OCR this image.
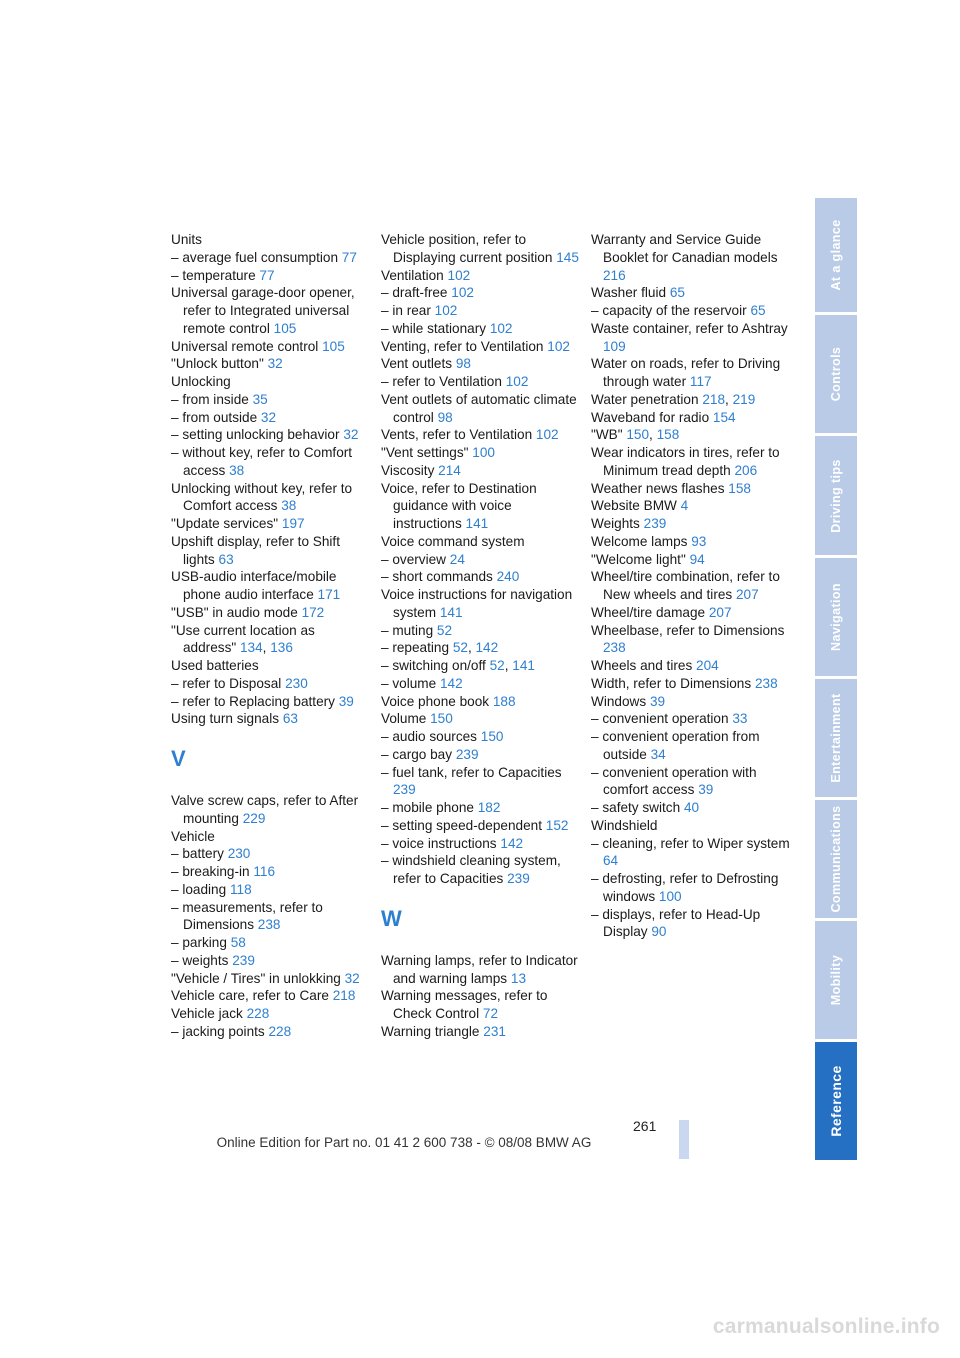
Units
– average fuel consumption 77
– temperature 77
Universal garage-door opener, refer to Integrated universal remote control 105
Universal remote control 105
"Unlock button" 32
Unlocking
– from inside 35
– from outside 32
– setting unlocking behavior 32
– without key, refer to Comfort access 38
Unlocking without key, refer to Comfort access 38
"Update services" 197
Upshift display, refer to Shift lights 63
USB-audio interface/mobile phone audio interface 171
"USB" in audio mode 172
"Use current location as address" 134, 136
Used batteries
– refer to Disposal 230
– refer to Replacing battery 39
Using turn signals 63
V
Valve screw caps, refer to After mounting 229
Vehicle
– battery 230
– breaking-in 116
– loading 118
– measurements, refer to Dimensions 238
– parking 58
– weights 239
"Vehicle / Tires" in unlokking 32
Vehicle care, refer to Care 218
Vehicle jack 228
– jacking points 228
Vehicle position, refer to Displaying current position 145
Ventilation 102
– draft-free 102
– in rear 102
– while stationary 102
Venting, refer to Ventilation 102
Vent outlets 98
– refer to Ventilation 102
Vent outlets of automatic climate control 98
Vents, refer to Ventilation 102
"Vent settings" 100
Viscosity 214
Voice, refer to Destination guidance with voice instructions 141
Voice command system
– overview 24
– short commands 240
Voice instructions for navigation system 141
– muting 52
– repeating 52, 142
– switching on/off 52, 141
– volume 142
Voice phone book 188
Volume 150
– audio sources 150
– cargo bay 239
– fuel tank, refer to Capacities 239
– mobile phone 182
– setting speed-dependent 152
– voice instructions 142
– windshield cleaning system, refer to Capacities 239
W
Warning lamps, refer to Indicator and warning lamps 13
Warning messages, refer to Check Control 72
Warning triangle 231
Warranty and Service Guide Booklet for Canadian models 216
Washer fluid 65
– capacity of the reservoir 65
Waste container, refer to Ashtray 109
Water on roads, refer to Driving through water 117
Water penetration 218, 219
Waveband for radio 154
"WB" 150, 158
Wear indicators in tires, refer to Minimum tread depth 206
Weather news flashes 158
Website BMW 4
Weights 239
Welcome lamps 93
"Welcome light" 94
Wheel/tire combination, refer to New wheels and tires 207
Wheel/tire damage 207
Wheelbase, refer to Dimensions 238
Wheels and tires 204
Width, refer to Dimensions 238
Windows 39
– convenient operation 33
– convenient operation from outside 34
– convenient operation with comfort access 39
– safety switch 40
Windshield
– cleaning, refer to Wiper system 64
– defrosting, refer to Defrosting windows 100
– displays, refer to Head-Up Display 90
At a glance
Controls
Driving tips
Navigation
Entertainment
Communications
Mobility
Reference
261
Online Edition for Part no. 01 41 2 600 738 - © 08/08 BMW AG
carmanualsonline.info
